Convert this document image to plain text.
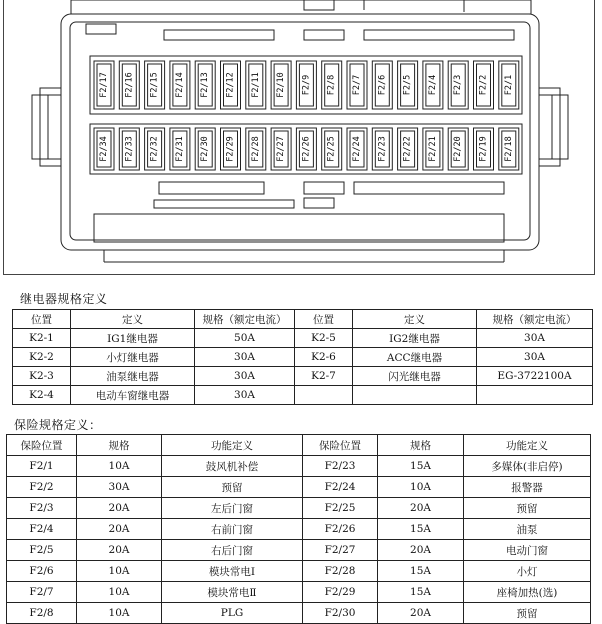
F2/17 F2/16 F2/15 F2/14 F2/13 F2/12 F2/11 F2/10 F2/9 F2/8 F2/7 F2/6 F2/5 F2/4 F2/3 F2/2 F2/1
F2/34 F2/33 F2/32 F2/31 F2/30 F2/29 F2/28 F2/27 F2/26 F2/25 F2/24 F2/23 F2/22 F2/21 F2/20 F2/19 F2/18
继电器规格定义
位置	定义	规格（额定电流）	位置	定义	规格（额定电流）
K2-1	IG1继电器	50A	K2-5	IG2继电器	30A
K2-2	小灯继电器	30A	K2-6	ACC继电器	30A
K2-3	油泵继电器	30A	K2-7	闪光继电器	EG-3722100A
K2-4	电动车窗继电器	30A			
保险规格定义：
保险位置	规格	功能定义	保险位置	规格	功能定义
F2/1	10A	鼓风机补偿	F2/23	15A	多媒体(非启停)
F2/2	30A	预留	F2/24	10A	报警器
F2/3	20A	左后门窗	F2/25	20A	预留
F2/4	20A	右前门窗	F2/26	15A	油泵
F2/5	20A	右后门窗	F2/27	20A	电动门窗
F2/6	10A	模块常电Ⅰ	F2/28	15A	小灯
F2/7	10A	模块常电Ⅱ	F2/29	15A	座椅加热(选)
F2/8	10A	PLG	F2/30	20A	预留
